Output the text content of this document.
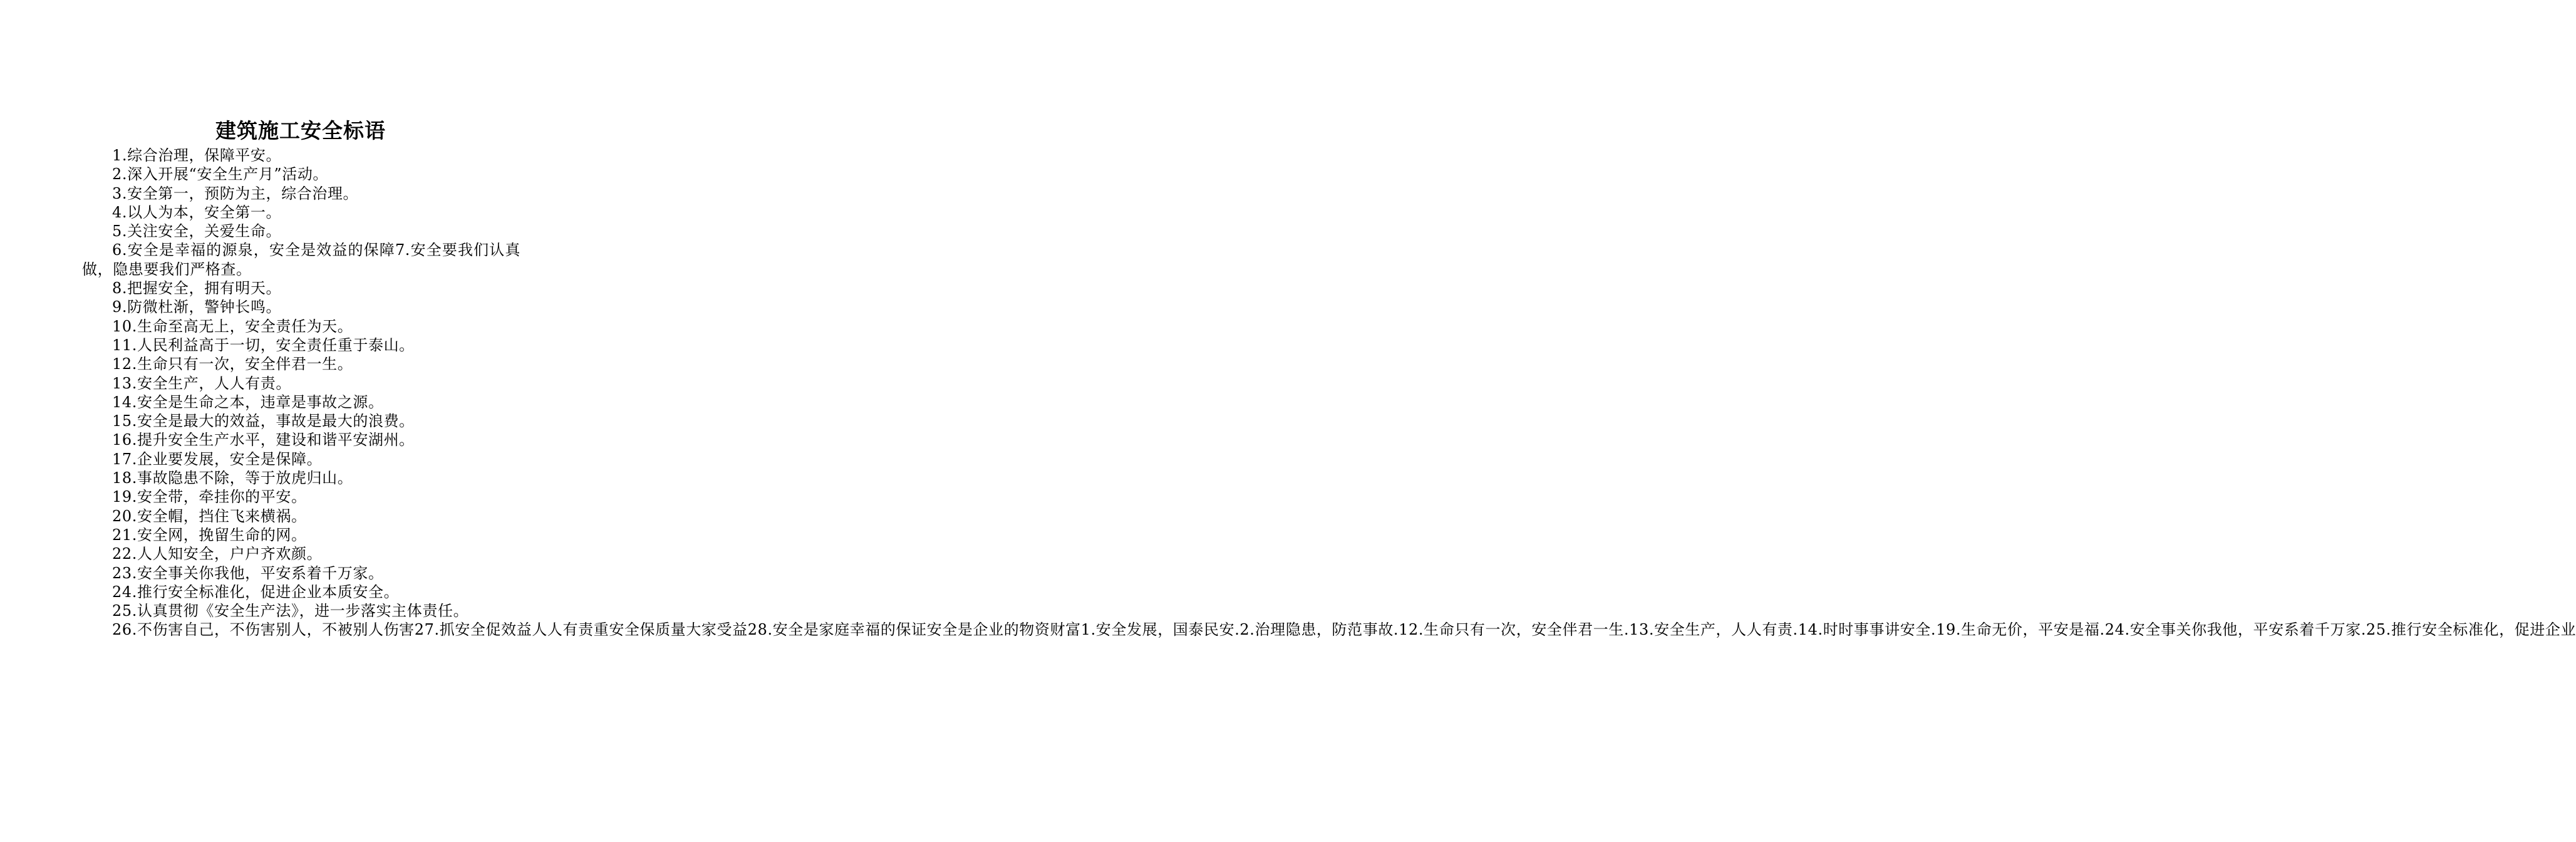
建筑施工安全标语

1.综合治理，保障平安。

2.深入开展“安全生产月”活动。

3.安全第一，预防为主，综合治理。

4.以人为本，安全第一。

5.关注安全，关爱生命。

6.安全是幸福的源泉，安全是效益的保障7.安全要我们认真做，隐患要我们严格查。

8.把握安全，拥有明天。

9.防微杜渐，警钟长鸣。

10.生命至高无上，安全责任为天。

11.人民利益高于一切，安全责任重于泰山。

12.生命只有一次，安全伴君一生。

13.安全生产，人人有责。

14.安全是生命之本，违章是事故之源。

15.安全是最大的效益，事故是最大的浪费。

16.提升安全生产水平，建设和谐平安湖州。

17.企业要发展，安全是保障。

18.事故隐患不除，等于放虎归山。

19.安全带，牵挂你的平安。

20.安全帽，挡住飞来横祸。

21.安全网，挽留生命的网。

22.人人知安全，户户齐欢颜。

23.安全事关你我他，平安系着千万家。

24.推行安全标准化，促进企业本质安全。

25.认真贯彻《安全生产法》，进一步落实主体责任。

26.不伤害自己，不伤害别人，不被别人伤害27.抓安全促效益人人有责重安全保质量大家受益28.安全是家庭幸福的保证安全是企业的物资财富1.安全发展，国泰民安.2.治理隐患，防范事故.12.生命只有一次，安全伴君一生.13.安全生产，人人有责.14.时时事事讲安全.19.生命无价，平安是福.24.安全事关你我他，平安系着千万家.25.推行安全标准化，促进企业
